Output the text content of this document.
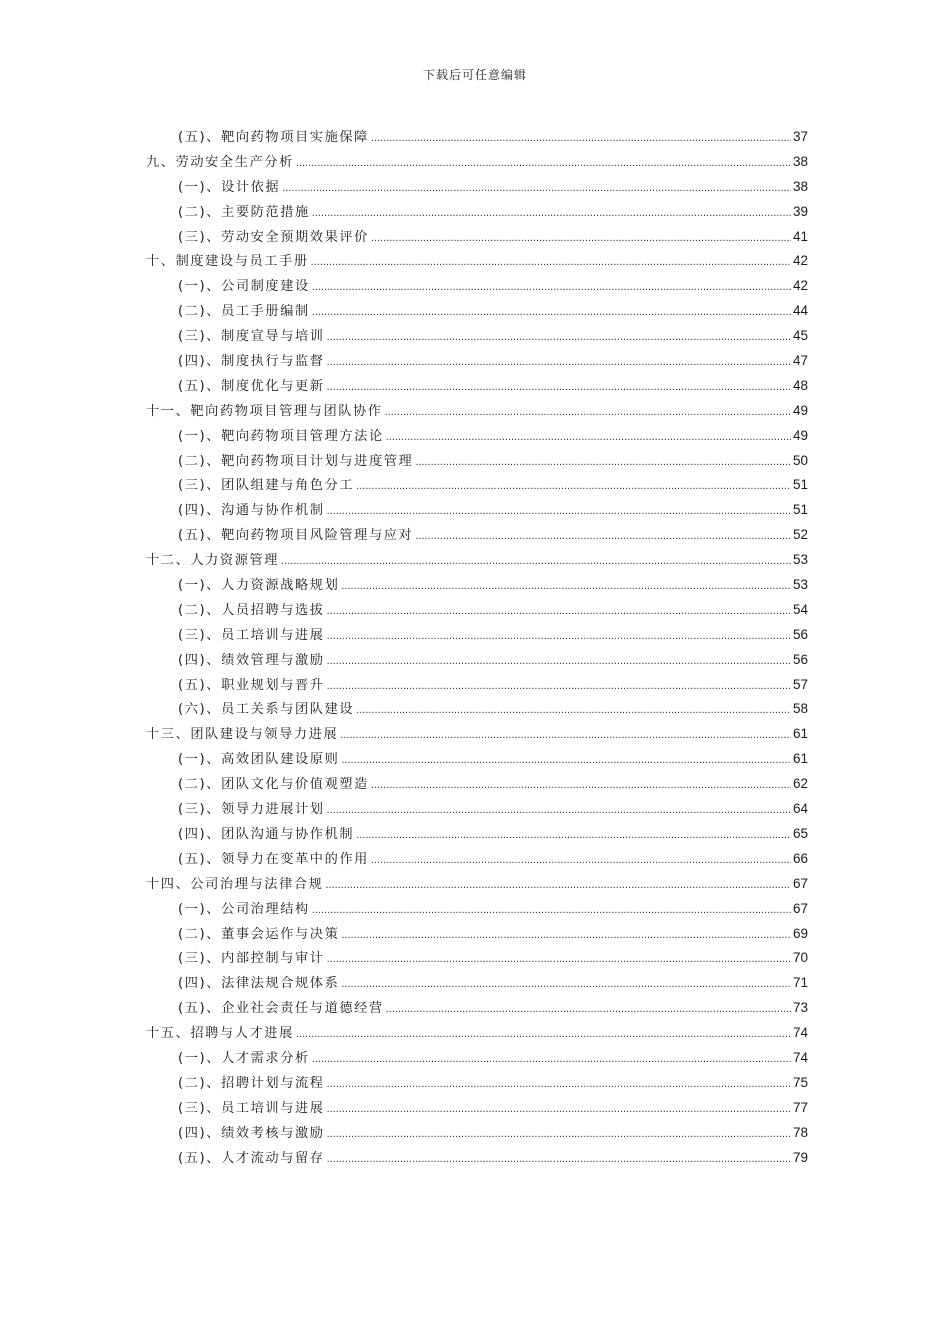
下载后可任意编辑
(五)、靶向药物项目实施保障 .....	37
九、劳动安全生产分析 .....	38
(一)、设计依据 .....	38
(二)、主要防范措施 .....	39
(三)、劳动安全预期效果评价 .....	41
十、制度建设与员工手册 .....	42
(一)、公司制度建设 .....	42
(二)、员工手册编制 .....	44
(三)、制度宣导与培训 .....	45
(四)、制度执行与监督 .....	47
(五)、制度优化与更新 .....	48
十一、靶向药物项目管理与团队协作 .....	49
(一)、靶向药物项目管理方法论 .....	49
(二)、靶向药物项目计划与进度管理 .....	50
(三)、团队组建与角色分工 .....	51
(四)、沟通与协作机制 .....	51
(五)、靶向药物项目风险管理与应对 .....	52
十二、人力资源管理 .....	53
(一)、人力资源战略规划 .....	53
(二)、人员招聘与选拔 .....	54
(三)、员工培训与进展 .....	56
(四)、绩效管理与激励 .....	56
(五)、职业规划与晋升 .....	57
(六)、员工关系与团队建设 .....	58
十三、团队建设与领导力进展 .....	61
(一)、高效团队建设原则 .....	61
(二)、团队文化与价值观塑造 .....	62
(三)、领导力进展计划 .....	64
(四)、团队沟通与协作机制 .....	65
(五)、领导力在变革中的作用 .....	66
十四、公司治理与法律合规 .....	67
(一)、公司治理结构 .....	67
(二)、董事会运作与决策 .....	69
(三)、内部控制与审计 .....	70
(四)、法律法规合规体系 .....	71
(五)、企业社会责任与道德经营 .....	73
十五、招聘与人才进展 .....	74
(一)、人才需求分析 .....	74
(二)、招聘计划与流程 .....	75
(三)、员工培训与进展 .....	77
(四)、绩效考核与激励 .....	78
(五)、人才流动与留存 .....	79
